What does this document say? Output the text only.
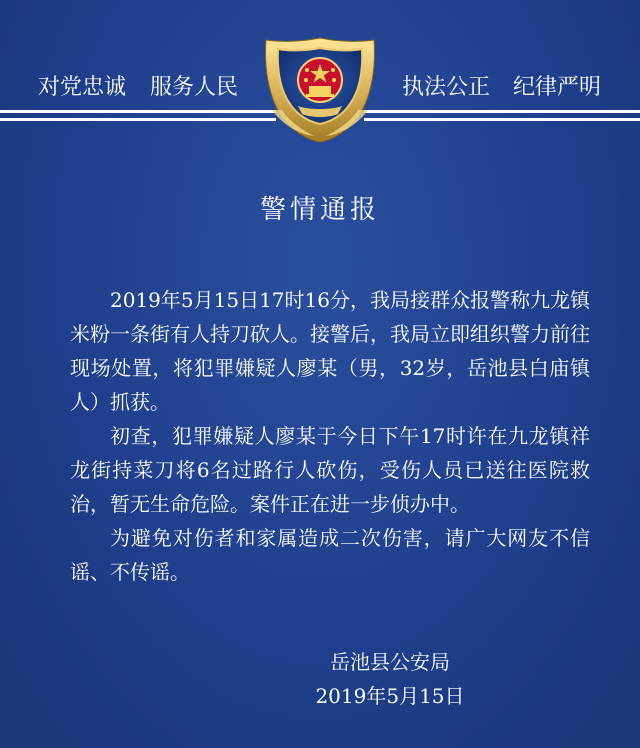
对党忠诚 服务人民	执法公正 纪律严明
警情通报

2019年5月15日17时16分，我局接群众报警称九龙镇米粉一条街有人持刀砍人。接警后，我局立即组织警力前往现场处置，将犯罪嫌疑人廖某（男，32岁，岳池县白庙镇人）抓获。

初查，犯罪嫌疑人廖某于今日下午17时许在九龙镇祥龙街持菜刀将6名过路行人砍伤，受伤人员已送往医院救治，暂无生命危险。案件正在进一步侦办中。

为避免对伤者和家属造成二次伤害，请广大网友不信谣、不传谣。

岳池县公安局
2019年5月15日
